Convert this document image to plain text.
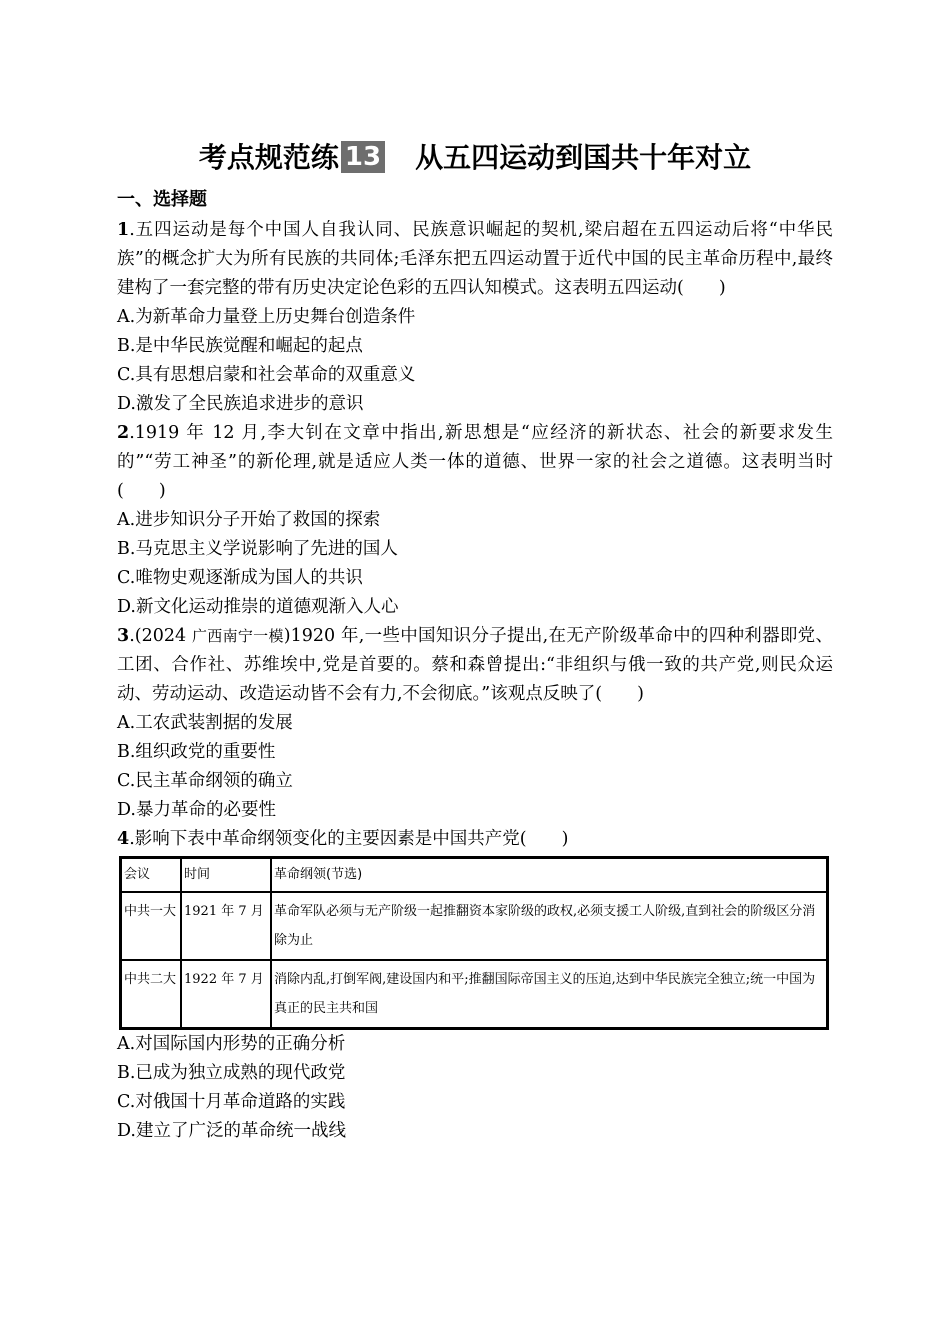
考点规范练 13 从五四运动到国共十年对立
一、选择题
1.五四运动是每个中国人自我认同、民族意识崛起的契机,梁启超在五四运动后将“中华民族”的概念扩大为所有民族的共同体;毛泽东把五四运动置于近代中国的民主革命历程中,最终建构了一套完整的带有历史决定论色彩的五四认知模式。这表明五四运动(　　)
A.为新革命力量登上历史舞台创造条件
B.是中华民族觉醒和崛起的起点
C.具有思想启蒙和社会革命的双重意义
D.激发了全民族追求进步的意识
2.1919 年 12 月,李大钊在文章中指出,新思想是“应经济的新状态、社会的新要求发生的”“劳工神圣”的新伦理,就是适应人类一体的道德、世界一家的社会之道德。这表明当时(　　)
A.进步知识分子开始了救国的探索
B.马克思主义学说影响了先进的国人
C.唯物史观逐渐成为国人的共识
D.新文化运动推崇的道德观渐入人心
3.(2024 广西南宁一模)1920 年,一些中国知识分子提出,在无产阶级革命中的四种利器即党、工团、合作社、苏维埃中,党是首要的。蔡和森曾提出:“非组织与俄一致的共产党,则民众运动、劳动运动、改造运动皆不会有力,不会彻底。”该观点反映了(　　)
A.工农武装割据的发展
B.组织政党的重要性
C.民主革命纲领的确立
D.暴力革命的必要性
4.影响下表中革命纲领变化的主要因素是中国共产党(　　)
会议	时间	革命纲领(节选)
中共一大	1921 年 7 月	革命军队必须与无产阶级一起推翻资本家阶级的政权,必须支援工人阶级,直到社会的阶级区分消除为止
中共二大	1922 年 7 月	消除内乱,打倒军阀,建设国内和平;推翻国际帝国主义的压迫,达到中华民族完全独立;统一中国为真正的民主共和国
A.对国际国内形势的正确分析
B.已成为独立成熟的现代政党
C.对俄国十月革命道路的实践
D.建立了广泛的革命统一战线
